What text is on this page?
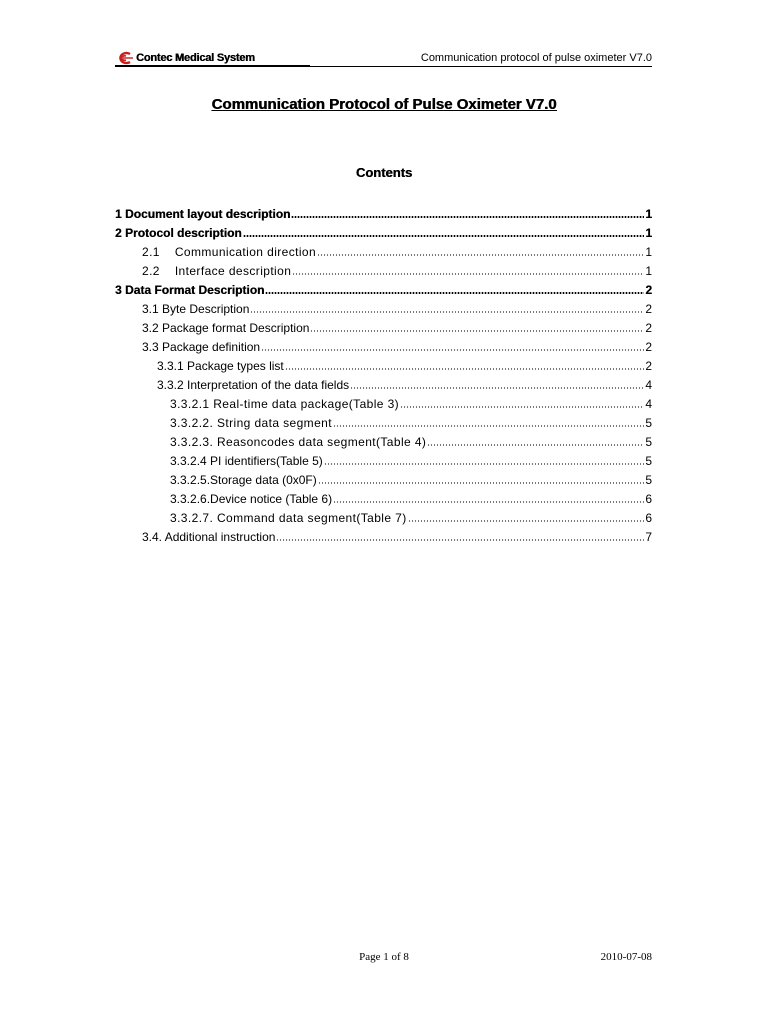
Contec Medical System	Communication protocol of pulse oximeter V7.0
Communication Protocol of Pulse Oximeter V7.0
Contents
1 Document layout description	1
2 Protocol description	1
2.1    Communication direction	1
2.2    Interface description	1
3 Data Format Description	2
3.1 Byte Description	2
3.2 Package format Description	2
3.3 Package definition	2
3.3.1 Package types list	2
3.3.2 Interpretation of the data fields	4
3.3.2.1 Real-time data package(Table 3)	4
3.3.2.2. String data segment	5
3.3.2.3. Reasoncodes data segment(Table 4)	5
3.3.2.4 PI identifiers(Table 5)	5
3.3.2.5.Storage data (0x0F)	5
3.3.2.6.Device notice (Table 6)	6
3.3.2.7. Command data segment(Table 7)	6
3.4. Additional instruction	7
Page 1 of 8	2010-07-08
